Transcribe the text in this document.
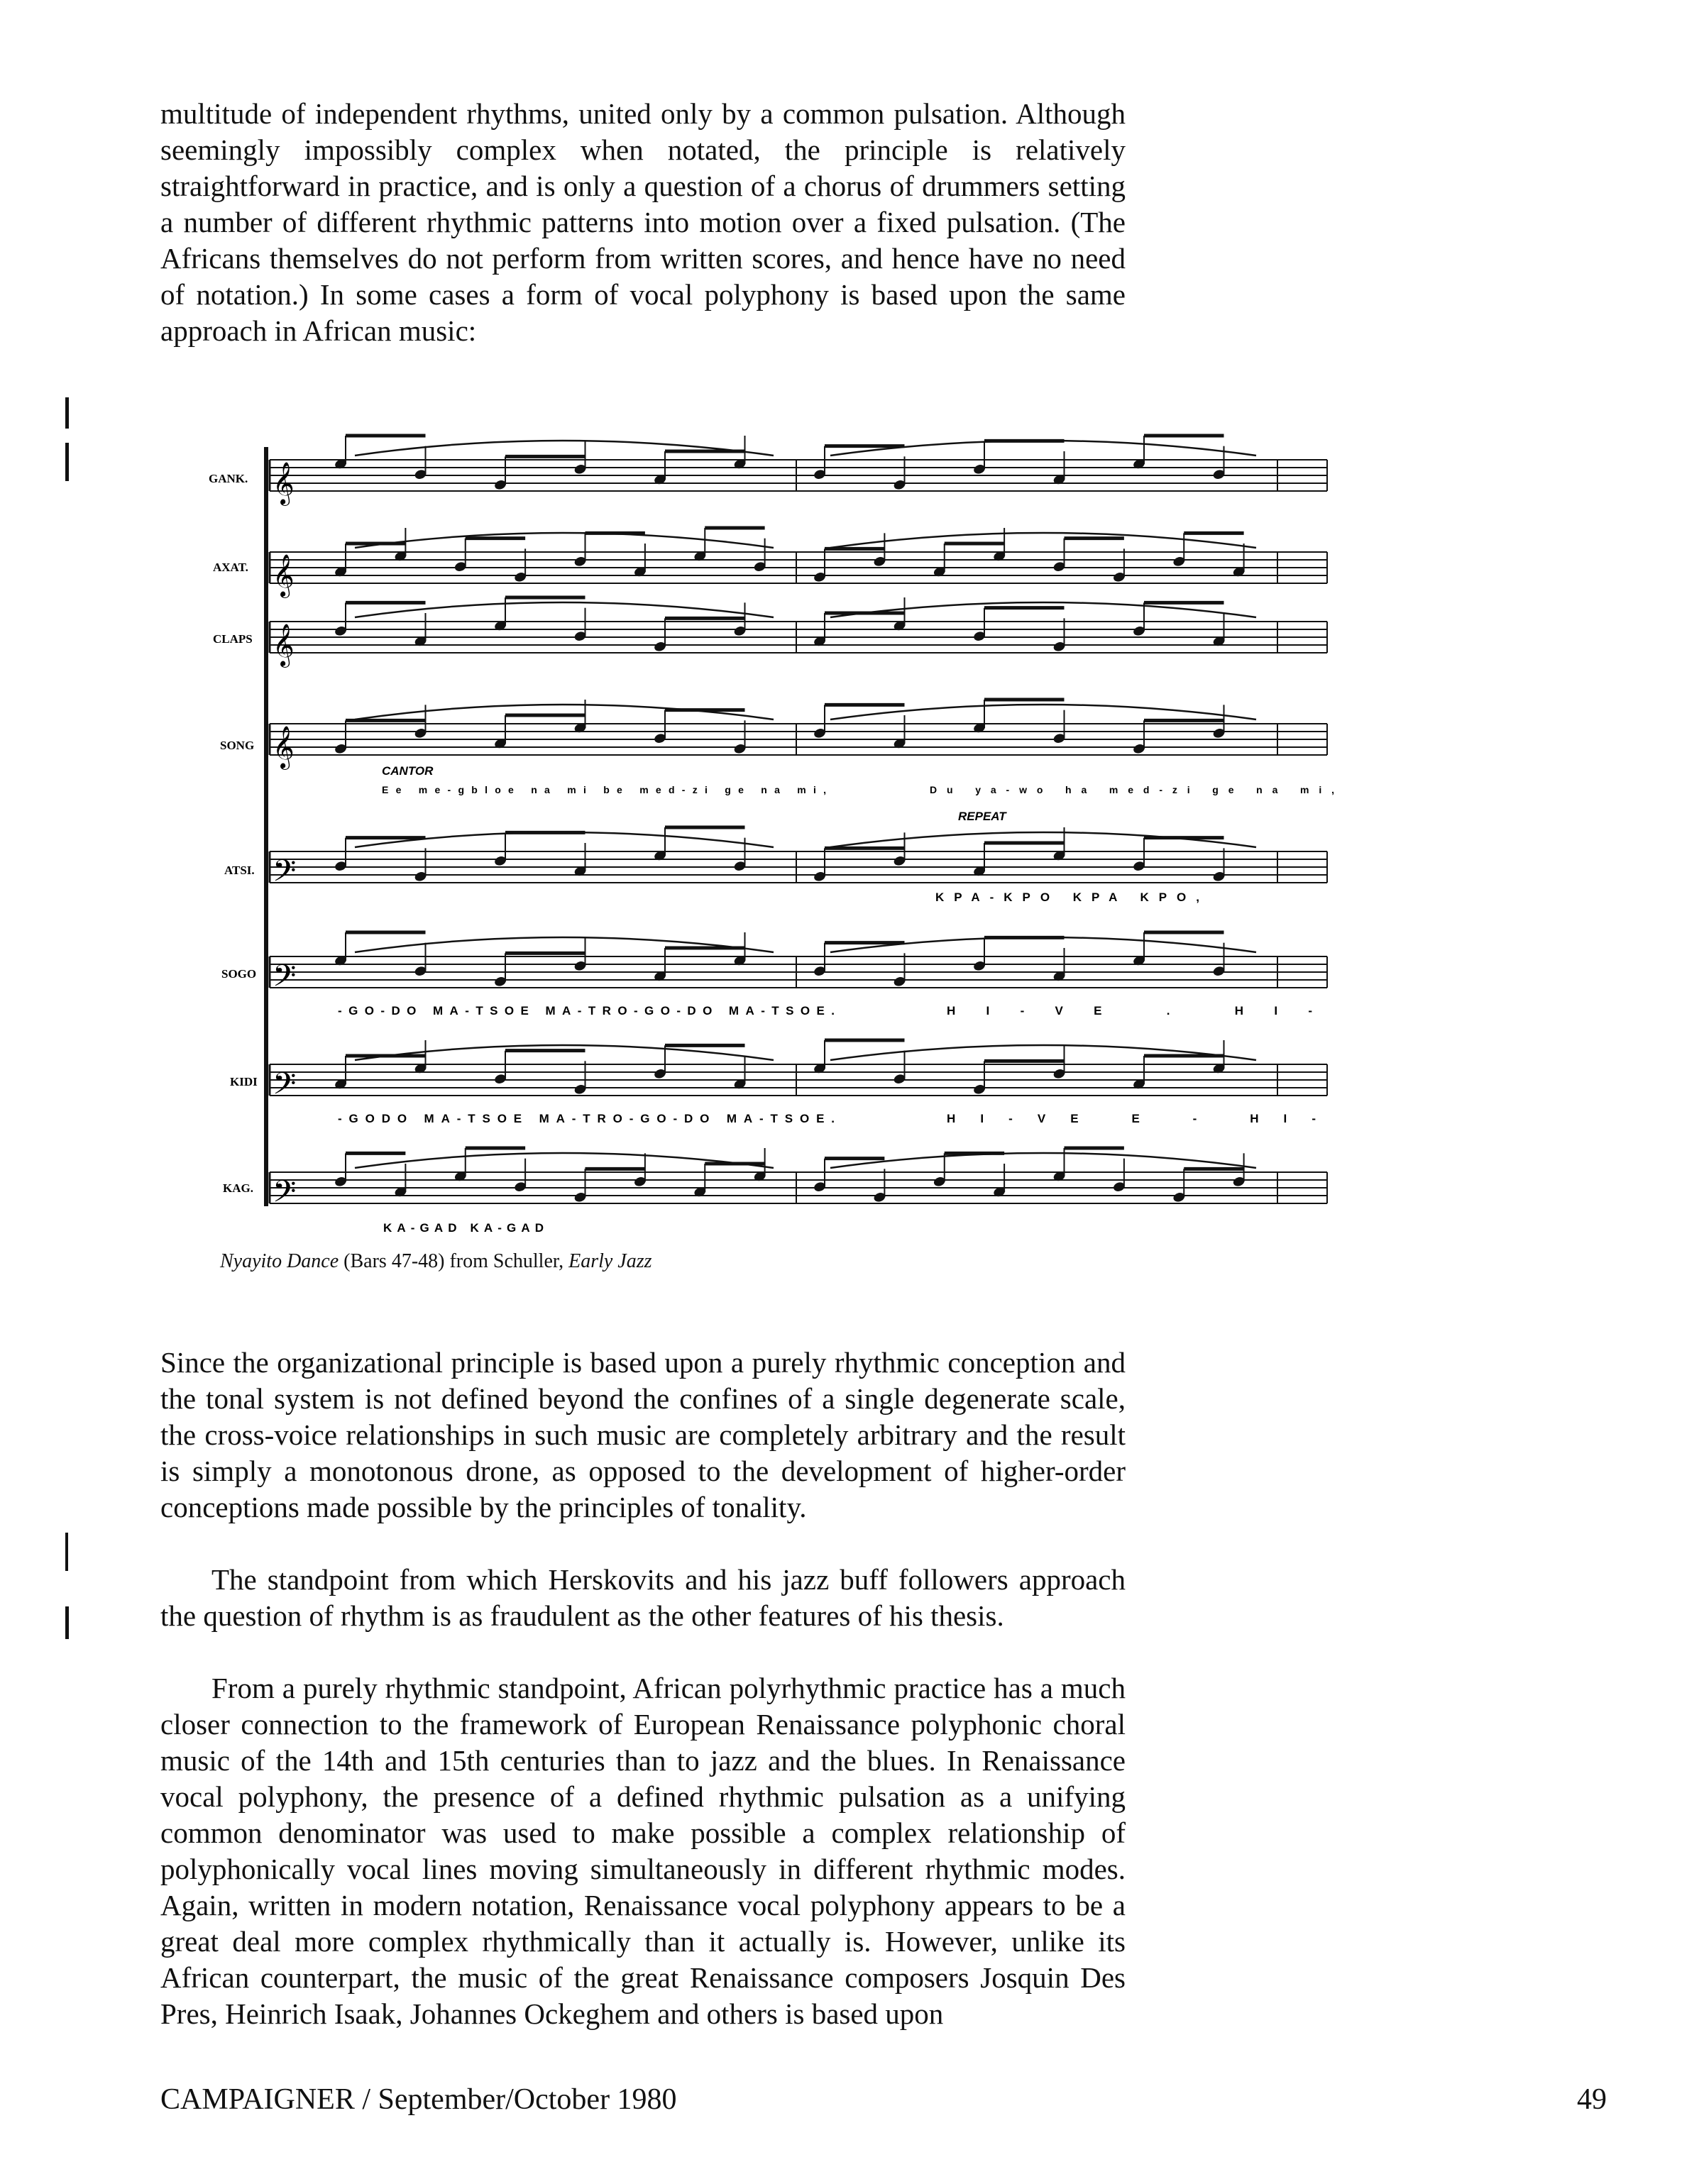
multitude of independent rhythms, united only by a common pulsation. Although seemingly impossibly complex when notated, the principle is relatively straightforward in practice, and is only a question of a chorus of drummers setting a number of different rhythmic patterns into motion over a fixed pulsation. (The Africans themselves do not perform from written scores, and hence have no need of notation.) In some cases a form of vocal polyphony is based upon the same approach in African music:

𝄞
𝄞
𝄞
𝄞
𝄢
𝄢
𝄢
𝄢
GANK.
AXAT.
CLAPS
SONG
ATSI.
SOGO
KIDI
KAG.
CANTOR
Ee me-gbloe na mi be med-zi ge na mi,
REPEAT
Du ya-wo ha med-zi ge na mi,
KPA-KPO KPA KPO,
-GO-DO MA-TSOE MA-TRO-GO-DO MA-TSOE.	HI-VE . HI-
-GODO MA-TSOE MA-TRO-GO-DO MA-TSOE.	HI-VE E - HI-
KA-GAD KA-GAD
Nyayito Dance (Bars 47-48) from Schuller, Early Jazz

Since the organizational principle is based upon a purely rhythmic conception and the tonal system is not defined beyond the confines of a single degenerate scale, the cross-voice relationships in such music are completely arbitrary and the result is simply a monotonous drone, as opposed to the development of higher-order conceptions made possible by the principles of tonality.

The standpoint from which Herskovits and his jazz buff followers approach the question of rhythm is as fraudulent as the other features of his thesis.

From a purely rhythmic standpoint, African polyrhythmic practice has a much closer connection to the framework of European Renaissance polyphonic choral music of the 14th and 15th centuries than to jazz and the blues. In Renaissance vocal polyphony, the presence of a defined rhythmic pulsation as a unifying common denominator was used to make possible a complex relationship of polyphonically vocal lines moving simultaneously in different rhythmic modes. Again, written in modern notation, Renaissance vocal polyphony appears to be a great deal more complex rhythmically than it actually is. However, unlike its African counterpart, the music of the great Renaissance composers Josquin Des Pres, Heinrich Isaak, Johannes Ockeghem and others is based upon

CAMPAIGNER / September/October 1980	49
